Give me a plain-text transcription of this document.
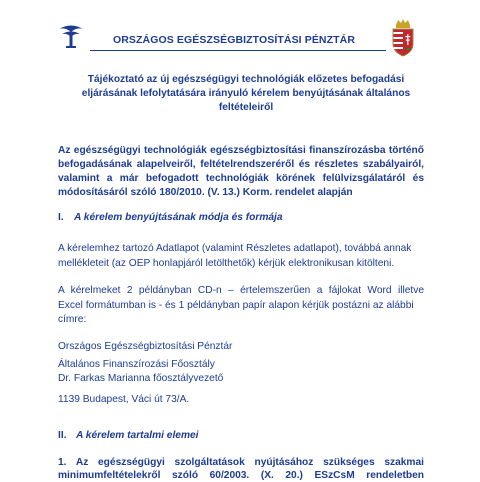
ORSZÁGOS EGÉSZSÉGBIZTOSÍTÁSI PÉNZTÁR
Tájékoztató az új egészségügyi technológiák előzetes befogadási
eljárásának lefolytatására irányuló kérelem benyújtásának általános
feltételeiről
Az egészségügyi technológiák egészségbiztosítási finanszírozásba történő
befogadásának alapelveiről, feltételrendszeréről és részletes szabályairól,
valamint a már befogadott technológiák körének felülvizsgálatáról és
módosításáról szóló 180/2010. (V. 13.) Korm. rendelet alapján
I. A kérelem benyújtásának módja és formája
A kérelemhez tartozó Adatlapot (valamint Részletes adatlapot), továbbá annak
mellékleteit (az OEP honlapjáról letölthetők) kérjük elektronikusan kitölteni.
A kérelmeket 2 példányban CD-n – értelemszerűen a fájlokat Word illetve
Excel formátumban is - és 1 példányban papír alapon kérjük postázni az alábbi
címre:
Országos Egészségbiztosítási Pénztár
Általános Finanszírozási Főosztály
Dr. Farkas Marianna főosztályvezető
1139 Budapest, Váci út 73/A.
II. A kérelem tartalmi elemei
1. Az egészségügyi szolgáltatások nyújtásához szükséges szakmai
minimumfeltételekről szóló 60/2003. (X. 20.) ESzCsM rendeletben
